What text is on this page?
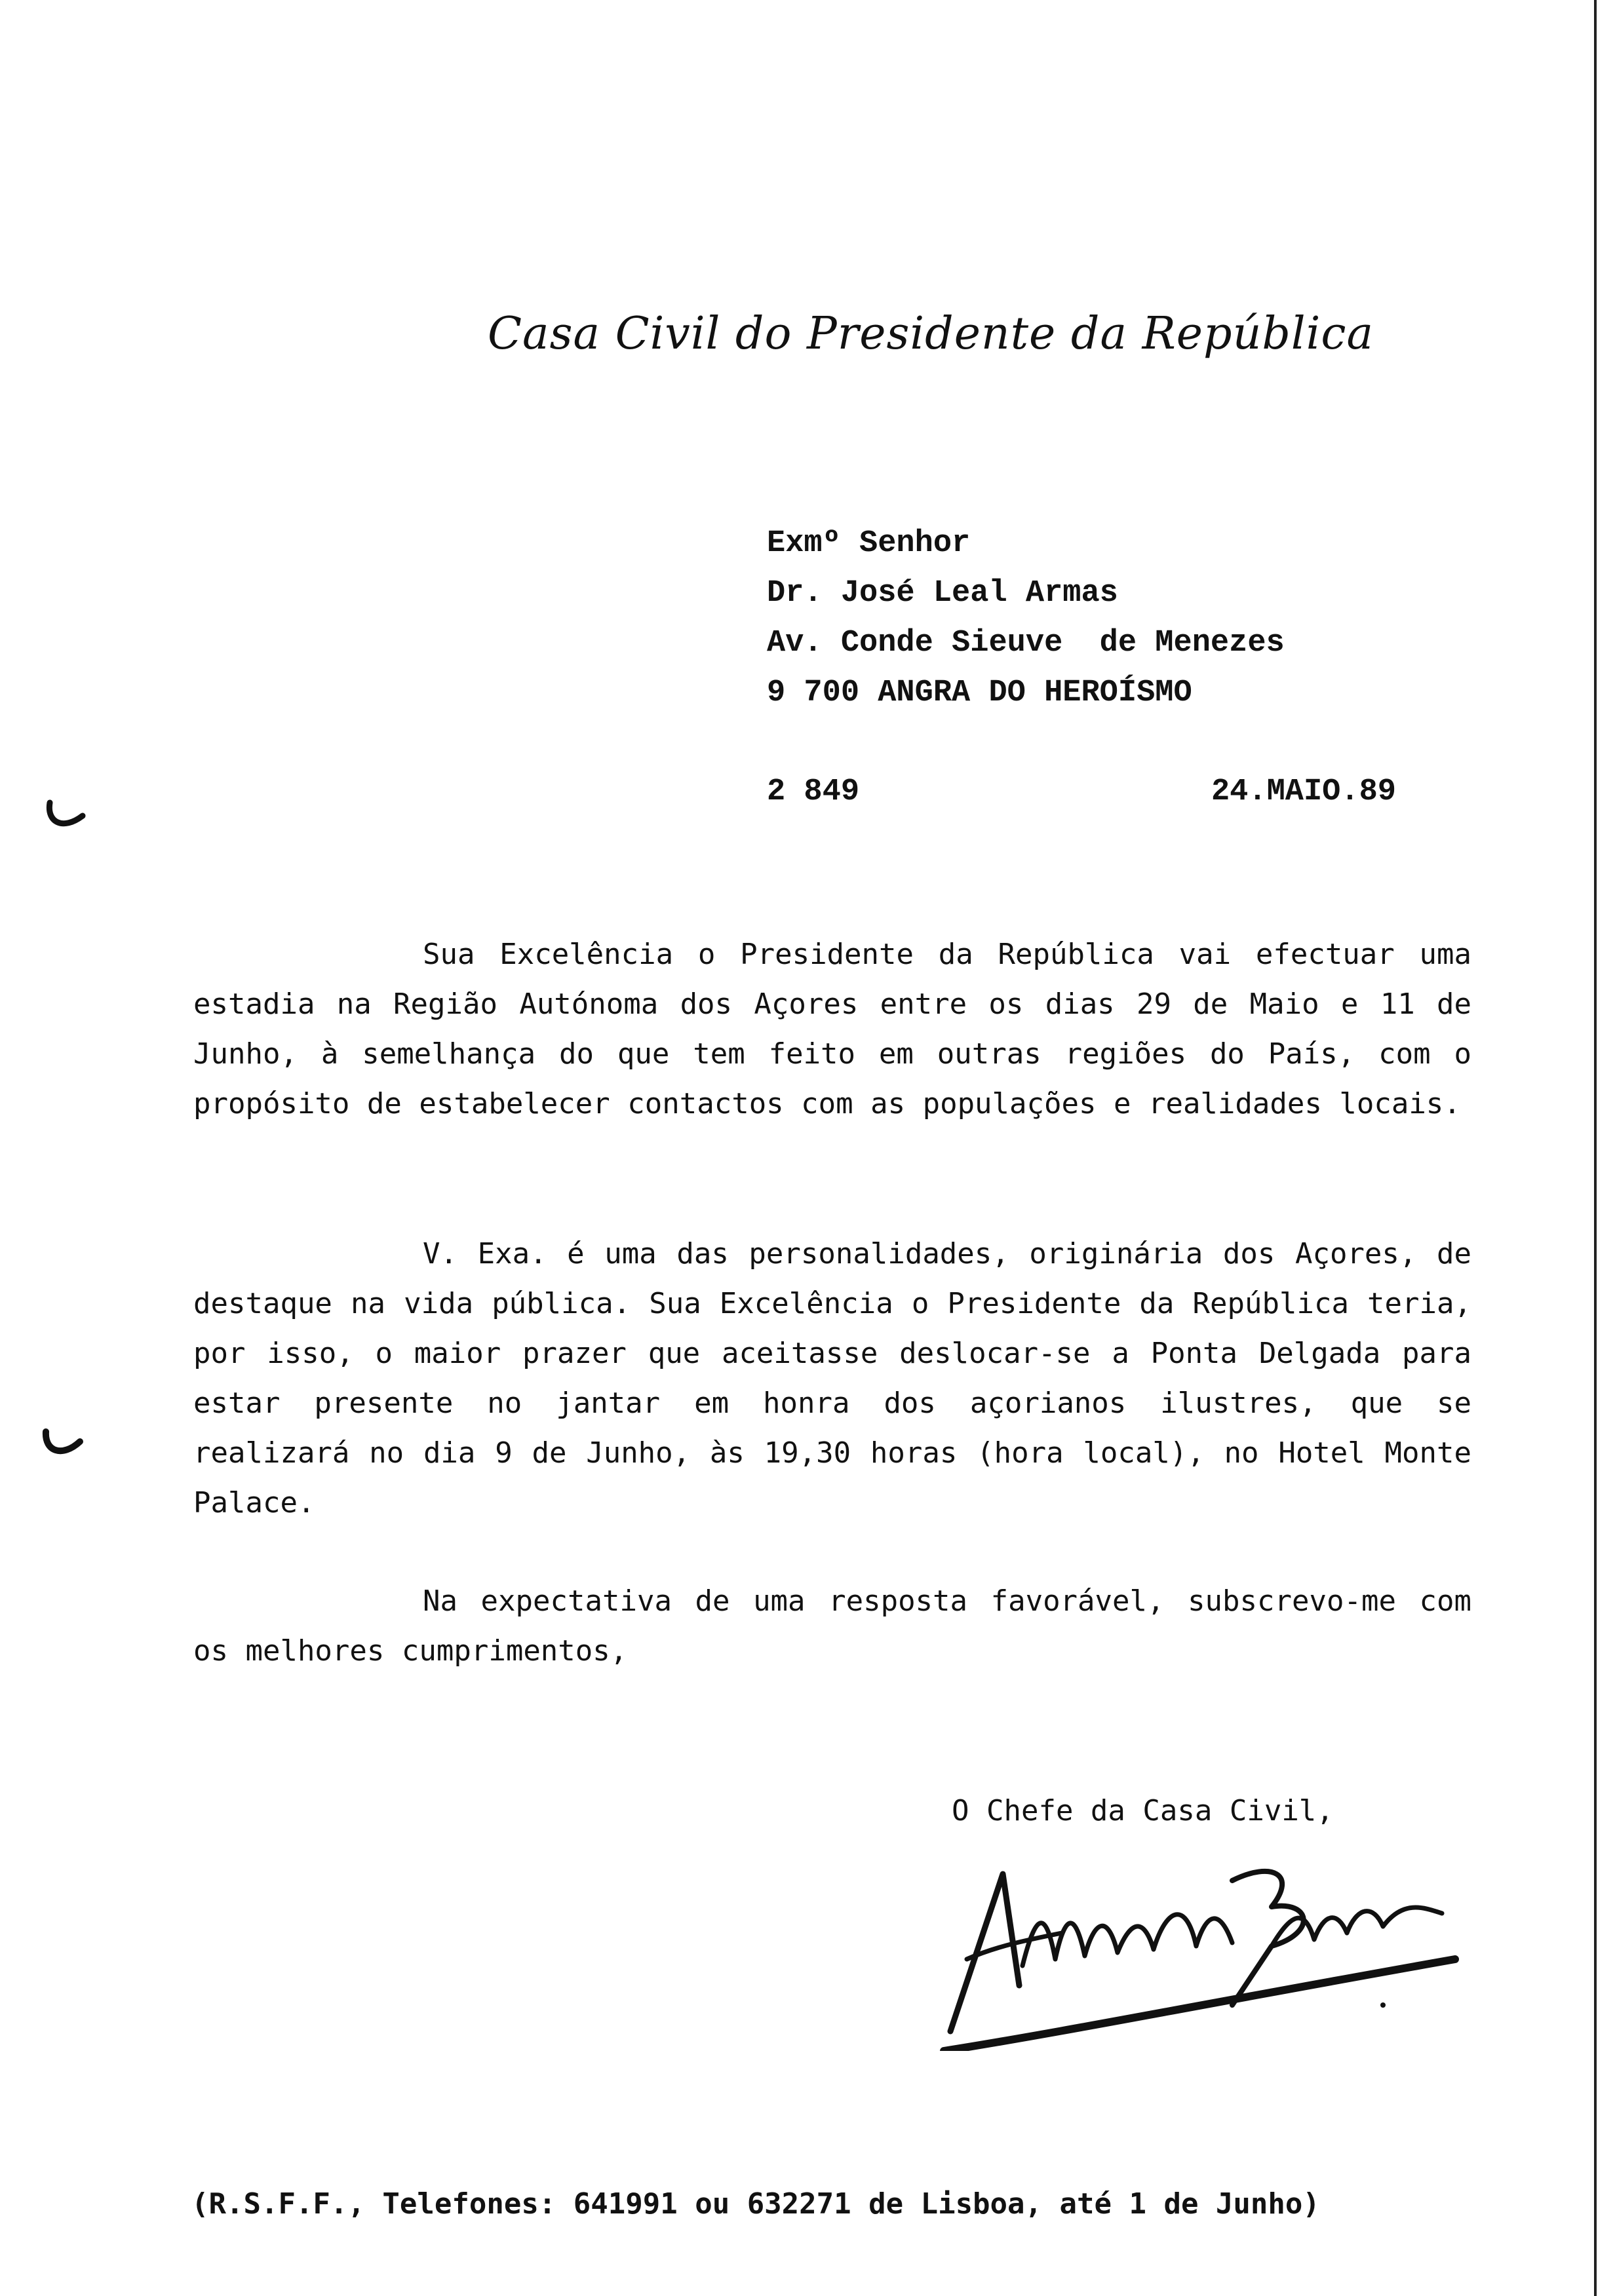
Casa Civil do Presidente da República
Exmº Senhor
Dr. José Leal Armas
Av. Conde Sieuve  de Menezes
9 700 ANGRA DO HEROÍSMO
2 849	24.MAIO.89

Sua Excelência o Presidente da República vai efectuar uma estadia na Região Autónoma dos Açores entre os dias 29 de Maio e 11 de Junho, à semelhança do que tem feito em outras regiões do País, com o propósito de estabelecer contactos com as populações e realidades locais.

V. Exa. é uma das personalidades, originária dos Açores, de destaque na vida pública. Sua Excelência o Presidente da República teria, por isso, o maior prazer que aceitasse deslocar-se a Ponta Delgada para estar presente no jantar em honra dos açorianos ilustres, que se realizará no dia 9 de Junho, às 19,30 horas (hora local), no Hotel Monte Palace.

Na expectativa de uma resposta favorável, subscrevo-me com os melhores cumprimentos,

O Chefe da Casa Civil,
(R.S.F.F., Telefones: 641991 ou 632271 de Lisboa, até 1 de Junho)
